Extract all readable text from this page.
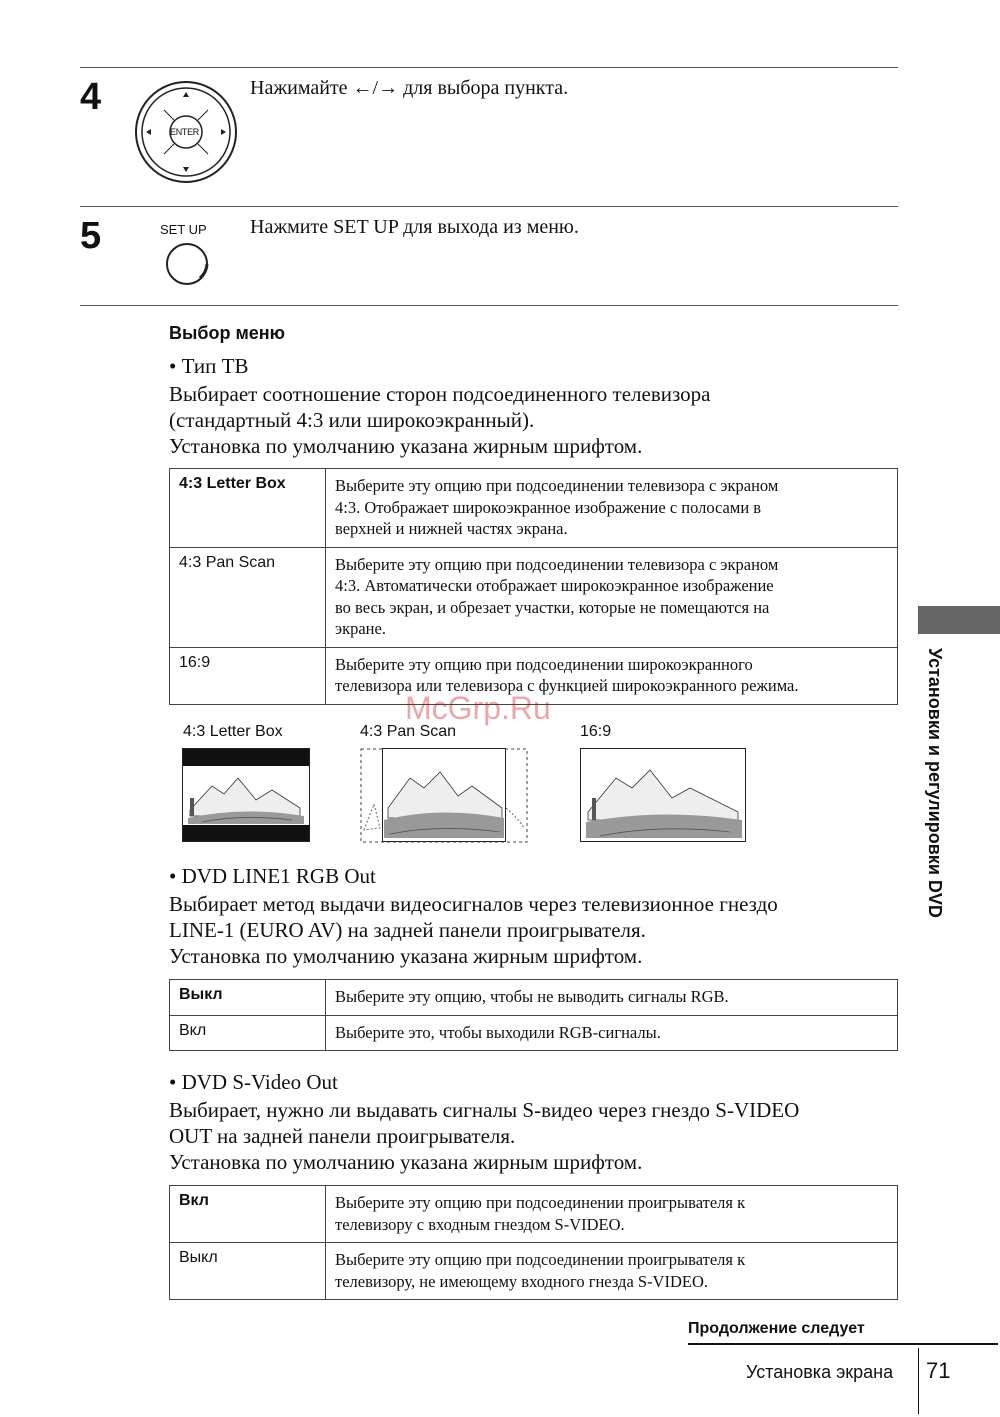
4
ENTER
Нажимайте ←/→ для выбора пункта.
5	SET UP Нажмите SET UP для выхода из меню.
Выбор меню
• Тип ТВ
Выбирает соотношение сторон подсоединенного телевизора
(стандартный 4:3 или широкоэкранный).
Установка по умолчанию указана жирным шрифтом.
4:3 Letter Box	Выберите эту опцию при подсоединении телевизора с экраном
4:3. Отображает широкоэкранное изображение с полосами в
верхней и нижней частях экрана.

4:3 Pan Scan	Выберите эту опцию при подсоединении телевизора с экраном
4:3. Автоматически отображает широкоэкранное изображение
во весь экран, и обрезает участки, которые не помещаются на
экране.

16:9	Выберите эту опцию при подсоединении широкоэкранного
телевизора или телевизора с функцией широкоэкранного режима.
4:3 Letter Box	4:3 Pan Scan	16:9
McGrp.Ru
• DVD LINE1 RGB Out
Выбирает метод выдачи видеосигналов через телевизионное гнездо
LINE-1 (EURO AV) на задней панели проигрывателя.
Установка по умолчанию указана жирным шрифтом.
Выкл	Выберите эту опцию, чтобы не выводить сигналы RGB.

Вкл	Выберите это, чтобы выходили RGB-сигналы.
• DVD S-Video Out
Выбирает, нужно ли выдавать сигналы S-видео через гнездо S-VIDEO
OUT на задней панели проигрывателя.
Установка по умолчанию указана жирным шрифтом.
Вкл	Выберите эту опцию при подсоединении проигрывателя к
телевизору с входным гнездом S-VIDEO.

Выкл	Выберите эту опцию при подсоединении проигрывателя к
телевизору, не имеющему входного гнезда S-VIDEO.
Установки и регулировки DVD
Продолжение следует
Установка экрана 71
